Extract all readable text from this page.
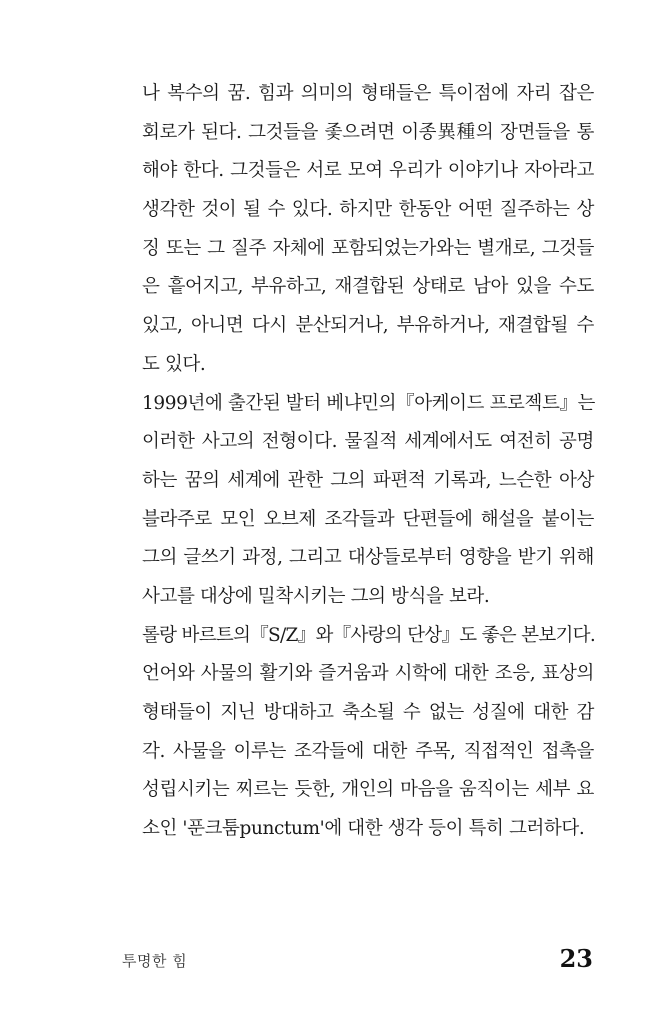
나 복수의 꿈. 힘과 의미의 형태들은 특이점에 자리 잡은
회로가 된다. 그것들을 좇으려면 이종異種의 장면들을 통
해야 한다. 그것들은 서로 모여 우리가 이야기나 자아라고
생각한 것이 될 수 있다. 하지만 한동안 어떤 질주하는 상
징 또는 그 질주 자체에 포함되었는가와는 별개로, 그것들
은 흩어지고, 부유하고, 재결합된 상태로 남아 있을 수도
있고, 아니면 다시 분산되거나, 부유하거나, 재결합될 수
도 있다.
1999년에 출간된 발터 베냐민의『아케이드 프로젝트』는
이러한 사고의 전형이다. 물질적 세계에서도 여전히 공명
하는 꿈의 세계에 관한 그의 파편적 기록과, 느슨한 아상
블라주로 모인 오브제 조각들과 단편들에 해설을 붙이는
그의 글쓰기 과정, 그리고 대상들로부터 영향을 받기 위해
사고를 대상에 밀착시키는 그의 방식을 보라.
롤랑 바르트의『S/Z』와『사랑의 단상』도 좋은 본보기다.
언어와 사물의 활기와 즐거움과 시학에 대한 조응, 표상의
형태들이 지닌 방대하고 축소될 수 없는 성질에 대한 감
각. 사물을 이루는 조각들에 대한 주목, 직접적인 접촉을
성립시키는 찌르는 듯한, 개인의 마음을 움직이는 세부 요
소인 '푼크툼punctum'에 대한 생각 등이 특히 그러하다.
투명한 힘	23
